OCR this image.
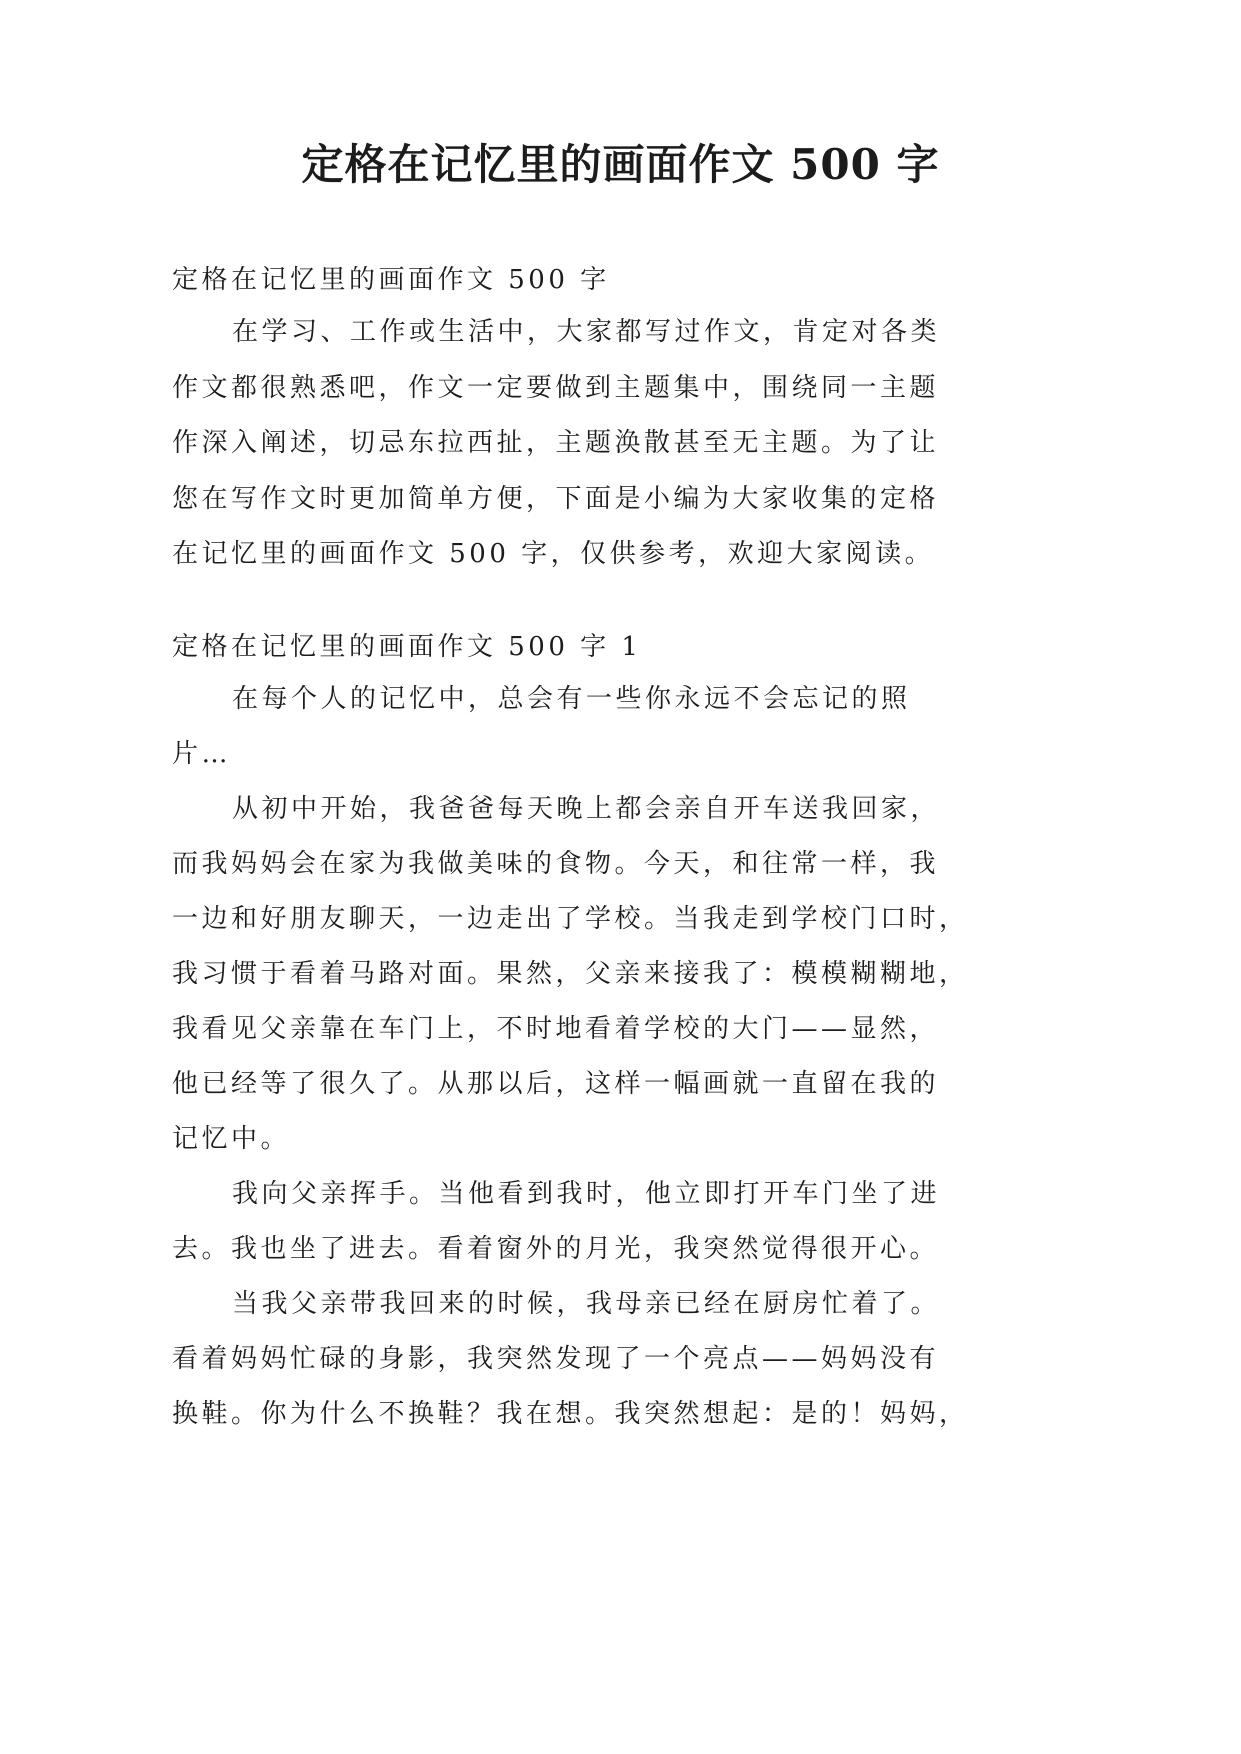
定格在记忆里的画面作文 500 字
定格在记忆里的画面作文 500 字
在学习、工作或生活中，大家都写过作文，肯定对各类
作文都很熟悉吧，作文一定要做到主题集中，围绕同一主题
作深入阐述，切忌东拉西扯，主题涣散甚至无主题。为了让
您在写作文时更加简单方便，下面是小编为大家收集的定格
在记忆里的画面作文 500 字，仅供参考，欢迎大家阅读。
定格在记忆里的画面作文 500 字 1
在每个人的记忆中，总会有一些你永远不会忘记的照
片…
从初中开始，我爸爸每天晚上都会亲自开车送我回家，
而我妈妈会在家为我做美味的食物。今天，和往常一样，我
一边和好朋友聊天，一边走出了学校。当我走到学校门口时，
我习惯于看着马路对面。果然，父亲来接我了：模模糊糊地，
我看见父亲靠在车门上，不时地看着学校的大门——显然，
他已经等了很久了。从那以后，这样一幅画就一直留在我的
记忆中。
我向父亲挥手。当他看到我时，他立即打开车门坐了进
去。我也坐了进去。看着窗外的月光，我突然觉得很开心。
当我父亲带我回来的时候，我母亲已经在厨房忙着了。
看着妈妈忙碌的身影，我突然发现了一个亮点——妈妈没有
换鞋。你为什么不换鞋？我在想。我突然想起：是的！妈妈，
